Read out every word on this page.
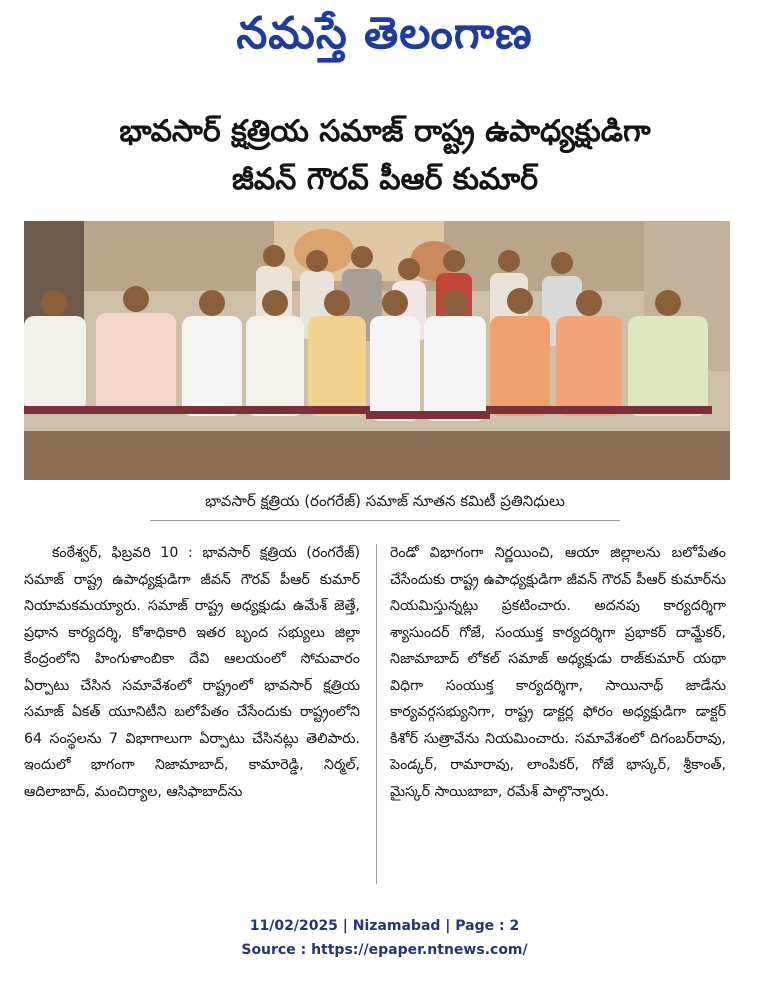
నమస్తే తెలంగాణ
భావసార్ క్షత్రియ సమాజ్ రాష్ట్ర ఉపాధ్యక్షుడిగా
జీవన్ గౌరవ్ పీఆర్ కుమార్
భావసార్ క్షత్రియ (రంగరేజ్) సమాజ్ నూతన కమిటీ ప్రతినిధులు
కంఠేశ్వర్, ఫిబ్రవరి 10 : భావసార్ క్షత్రియ (రంగరేజ్) సమాజ్ రాష్ట్ర ఉపాధ్యక్షుడిగా జీవన్ గౌరవ్ పీఆర్ కుమార్ నియామకమయ్యారు. సమాజ్ రాష్ట్ర అధ్యక్షుడు ఉమేశ్ జెత్తే, ప్రధాన కార్యదర్శి, కోశాధికారి ఇతర బృంద సభ్యులు జిల్లా కేంద్రంలోని హింగుళాంబికా దేవి ఆలయంలో సోమవారం ఏర్పాటు చేసిన సమావేశంలో రాష్ట్రంలో భావసార్ క్షత్రియ సమాజ్ ఏకత్ యూనిటీని బలోపేతం చేసేందుకు రాష్ట్రంలోని 64 సంస్థలను 7 విభాగాలుగా ఏర్పాటు చేసినట్లు తెలిపారు. ఇందులో భాగంగా నిజామాబాద్, కామారెడ్డి, నిర్మల్, ఆదిలాబాద్, మంచిర్యాల, ఆసిఫాబాద్‌ను
రెండో విభాగంగా నిర్ణయించి, ఆయా జిల్లాలను బలోపేతం చేసేందుకు రాష్ట్ర ఉపాధ్యక్షుడిగా జీవన్ గౌరవ్ పీఆర్ కుమార్‌ను నియమిస్తున్నట్లు ప్రకటించారు. అదనపు కార్యదర్శిగా శ్యాసుందర్ గోజే, సంయుక్త కార్యదర్శిగా ప్రభాకర్ దామ్జేకర్, నిజామాబాద్ లోకల్ సమాజ్ అధ్యక్షుడు రాజ్‌కుమార్ యథా విధిగా సంయుక్త కార్యదర్శిగా, సాయినాథ్ జాడేను కార్యవర్గసభ్యునిగా, రాష్ట్ర డాక్టర్ల ఫోరం అధ్యక్షుడిగా డాక్టర్ కిశోర్ సుత్రావేను నియమించారు. సమావేశంలో దిగంబర్‌రావు, పెండ్కర్, రామారావు, లాంపికర్, గోజే భాస్కర్, శ్రీకాంత్, మైస్కర్ సాయిబాబా, రమేశ్ పాల్గొన్నారు.
11/02/2025 | Nizamabad | Page : 2
Source : https://epaper.ntnews.com/
